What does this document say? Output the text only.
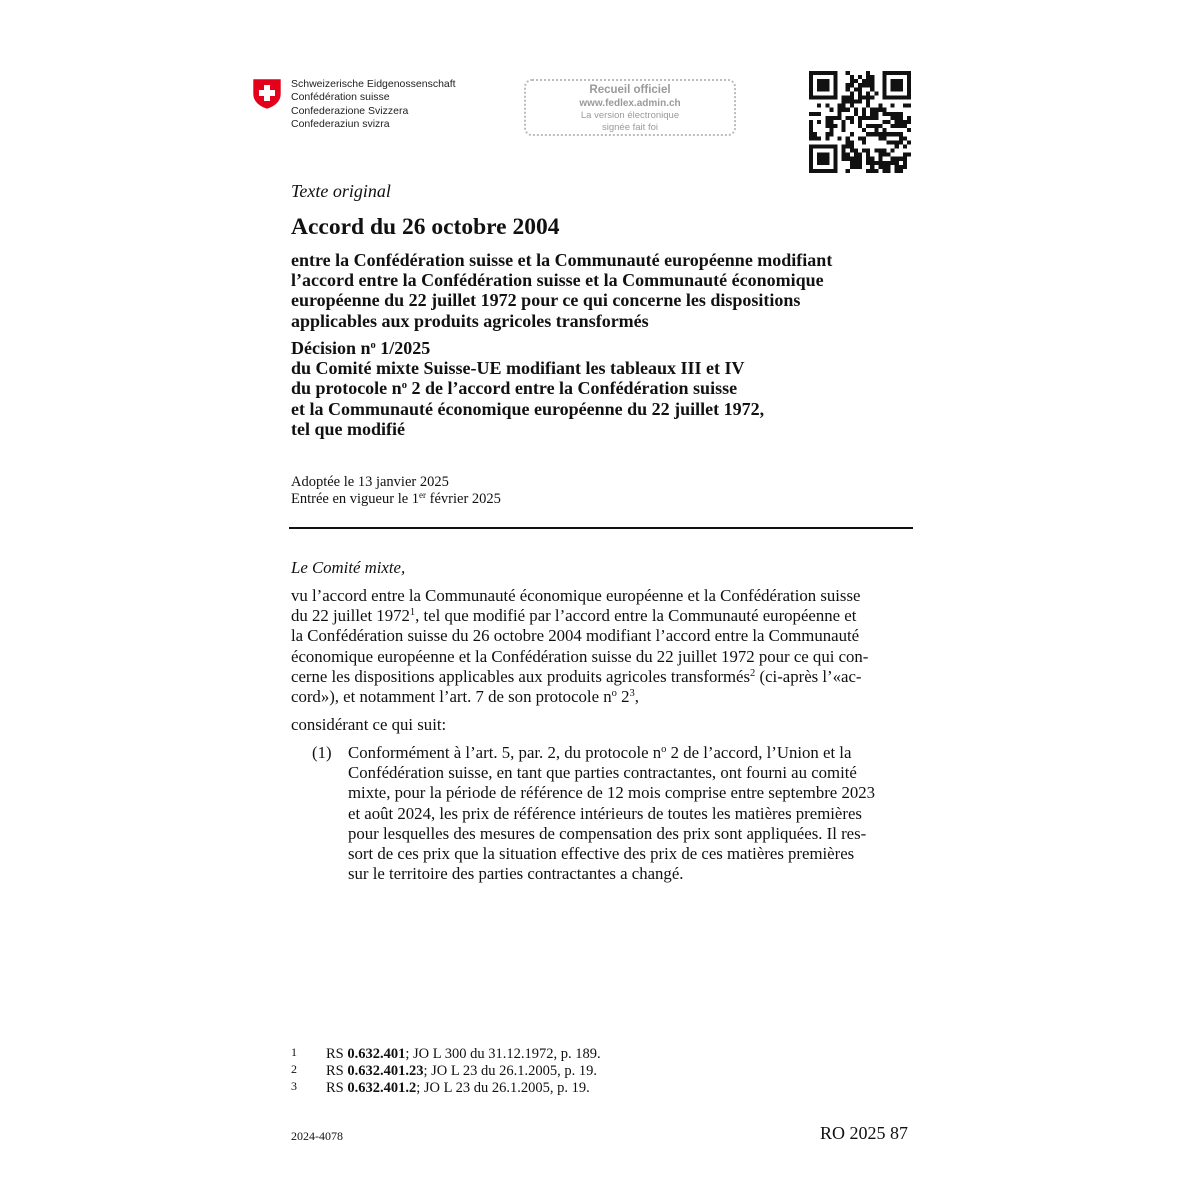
Schweizerische Eidgenossenschaft
Confédération suisse
Confederazione Svizzera
Confederaziun svizra
Recueil officiel
www.fedlex.admin.ch
La version électronique
signée fait foi
Texte original
Accord du 26 octobre 2004
entre la Confédération suisse et la Communauté européenne modifiant
l’accord entre la Confédération suisse et la Communauté économique
européenne du 22 juillet 1972 pour ce qui concerne les dispositions
applicables aux produits agricoles transformés
Décision $n^o$ 1/2025
du Comité mixte Suisse-UE modifiant les tableaux III et IV
du protocole $n^o$ 2 de l’accord entre la Confédération suisse
et la Communauté économique européenne du 22 juillet 1972,
tel que modifié
Adoptée le 13 janvier 2025
Entrée en vigueur le 1er février 2025
Le Comité mixte,
vu l’accord entre la Communauté économique européenne et la Confédération suisse
du 22 juillet 1972$^1$, tel que modifié par l’accord entre la Communauté européenne et
la Confédération suisse du 26 octobre 2004 modifiant l’accord entre la Communauté
économique européenne et la Confédération suisse du 22 juillet 1972 pour ce qui con-
cerne les dispositions applicables aux produits agricoles transformés$^2$ (ci-après l’«ac-
cord»), et notamment l’art. 7 de son protocole $n^o$ $2^3$,
considérant ce qui suit:
(1) Conformément à l’art. 5, par. 2, du protocole $n^o$ 2 de l’accord, l’Union et la
Confédération suisse, en tant que parties contractantes, ont fourni au comité
mixte, pour la période de référence de 12 mois comprise entre septembre 2023
et août 2024, les prix de référence intérieurs de toutes les matières premières
pour lesquelles des mesures de compensation des prix sont appliquées. Il res-
sort de ces prix que la situation effective des prix de ces matières premières
sur le territoire des parties contractantes a changé.
1 RS 0.632.401; JO L 300 du 31.12.1972, p. 189.
2 RS 0.632.401.23; JO L 23 du 26.1.2005, p. 19.
3 RS 0.632.401.2; JO L 23 du 26.1.2005, p. 19.
2024-4078	RO 2025 87
